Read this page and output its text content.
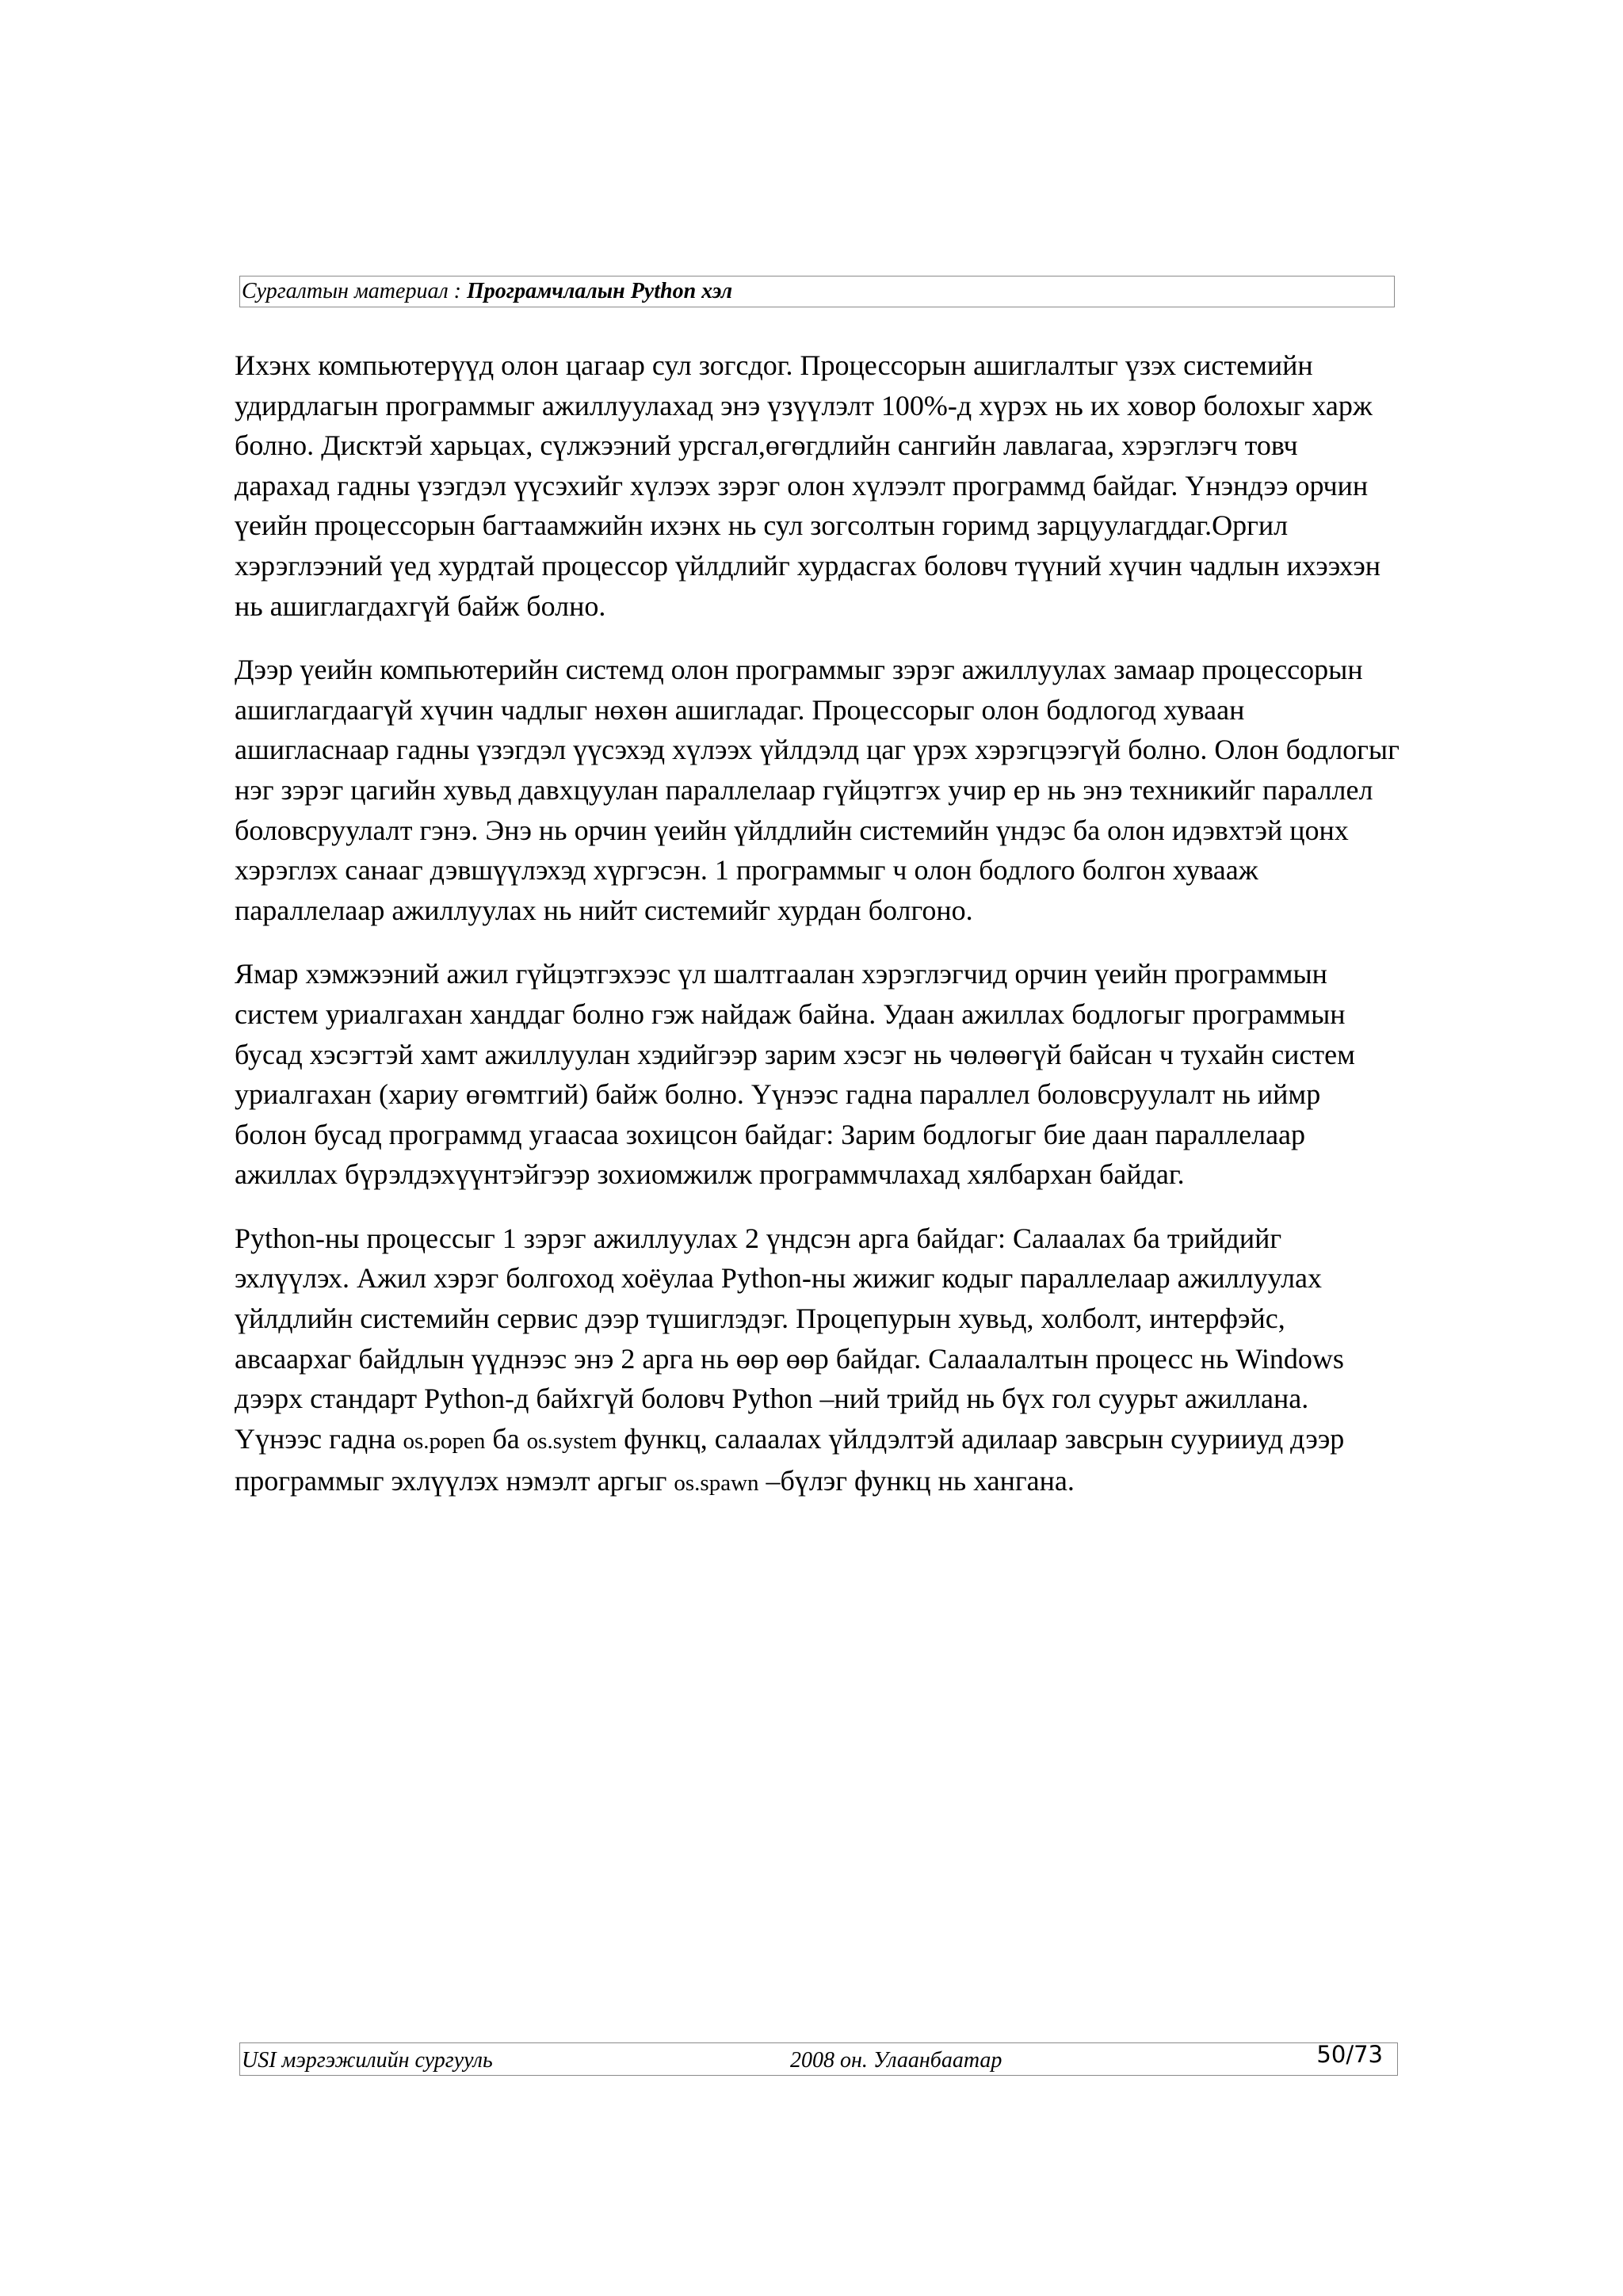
Сургалтын материал : Програмчлалын Python хэл

Ихэнх компьютерүүд олон цагаар сул зогсдог. Процессорын ашиглалтыг үзэх системийн удирдлагын программыг ажиллуулахад энэ үзүүлэлт 100%-д хүрэх нь их ховор болохыг харж болно. Дисктэй харьцах, сүлжээний урсгал,өгөгдлийн сангийн лавлагаа, хэрэглэгч товч дарахад гадны үзэгдэл үүсэхийг хүлээх зэрэг олон хүлээлт программд байдаг. Үнэндээ орчин үеийн процессорын багтаамжийн ихэнх нь сул зогсолтын горимд зарцуулагддаг.Оргил хэрэглээний үед хурдтай процессор үйлдлийг хурдасгах боловч түүний хүчин чадлын ихээхэн нь ашиглагдахгүй байж болно.

Дээр үеийн компьютерийн системд олон программыг зэрэг ажиллуулах замаар процессорын ашиглагдаагүй хүчин чадлыг нөхөн ашигладаг. Процессорыг олон бодлогод хуваан ашигласнаар гадны үзэгдэл үүсэхэд хүлээх үйлдэлд цаг үрэх хэрэгцээгүй болно. Олон бодлогыг нэг зэрэг цагийн хувьд давхцуулан параллелаар гүйцэтгэх учир ер нь энэ техникийг параллел боловсруулалт гэнэ. Энэ нь орчин үеийн үйлдлийн системийн үндэс ба олон идэвхтэй цонх хэрэглэх санааг дэвшүүлэхэд хүргэсэн. 1 программыг ч олон бодлого болгон хувааж параллелаар ажиллуулах нь нийт системийг хурдан болгоно.

Ямар хэмжээний ажил гүйцэтгэхээс үл шалтгаалан хэрэглэгчид орчин үеийн программын систем уриалгахан ханддаг болно гэж найдаж байна. Удаан ажиллах бодлогыг программын бусад хэсэгтэй хамт ажиллуулан хэдийгээр зарим хэсэг нь чөлөөгүй байсан ч тухайн систем уриалгахан (хариу өгөмтгий) байж болно. Үүнээс гадна параллел боловсруулалт нь иймр болон бусад программд угаасаа зохицсон байдаг: Зарим бодлогыг бие даан параллелаар ажиллах бүрэлдэхүүнтэйгээр зохиомжилж программчлахад хялбархан байдаг.

Python-ны процессыг 1 зэрэг ажиллуулах 2 үндсэн арга байдаг: Салаалах ба трийдийг эхлүүлэх. Ажил хэрэг болгоход хоёулаа Python-ны жижиг кодыг параллелаар ажиллуулах үйлдлийн системийн сервис дээр түшиглэдэг. Процепурын хувьд, холболт, интерфэйс, авсаархаг байдлын үүднээс энэ 2 арга нь өөр өөр байдаг. Салаалалтын процесс нь Windows дээрх стандарт Python-д байхгүй боловч Python –ний трийд нь бүх гол суурьт ажиллана. Үүнээс гадна os.popen ба os.system функц, салаалах үйлдэлтэй адилаар завсрын суурииуд дээр программыг эхлүүлэх нэмэлт аргыг os.spawn –бүлэг функц нь хангана.

USI мэргэжилийн сургууль	2008 он. Улаанбаатар	50/73
